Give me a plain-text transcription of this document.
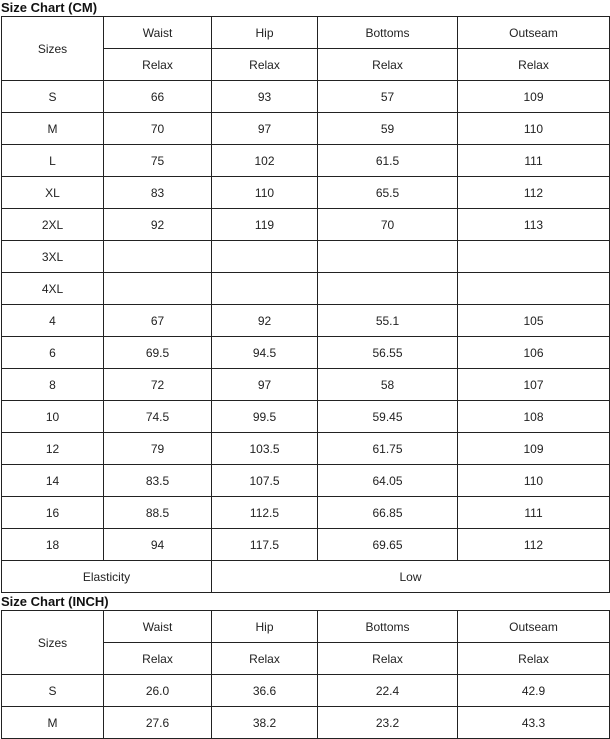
Size Chart (CM)
Sizes	Waist	Hip	Bottoms	Outseam
	Relax	Relax	Relax	Relax
S	66	93	57	109
M	70	97	59	110
L	75	102	61.5	111
XL	83	110	65.5	112
2XL	92	119	70	113
3XL				
4XL				
4	67	92	55.1	105
6	69.5	94.5	56.55	106
8	72	97	58	107
10	74.5	99.5	59.45	108
12	79	103.5	61.75	109
14	83.5	107.5	64.05	110
16	88.5	112.5	66.85	111
18	94	117.5	69.65	112
Elasticity		Low		
Size Chart (INCH)
Sizes	Waist	Hip	Bottoms	Outseam
	Relax	Relax	Relax	Relax
S	26.0	36.6	22.4	42.9
M	27.6	38.2	23.2	43.3
